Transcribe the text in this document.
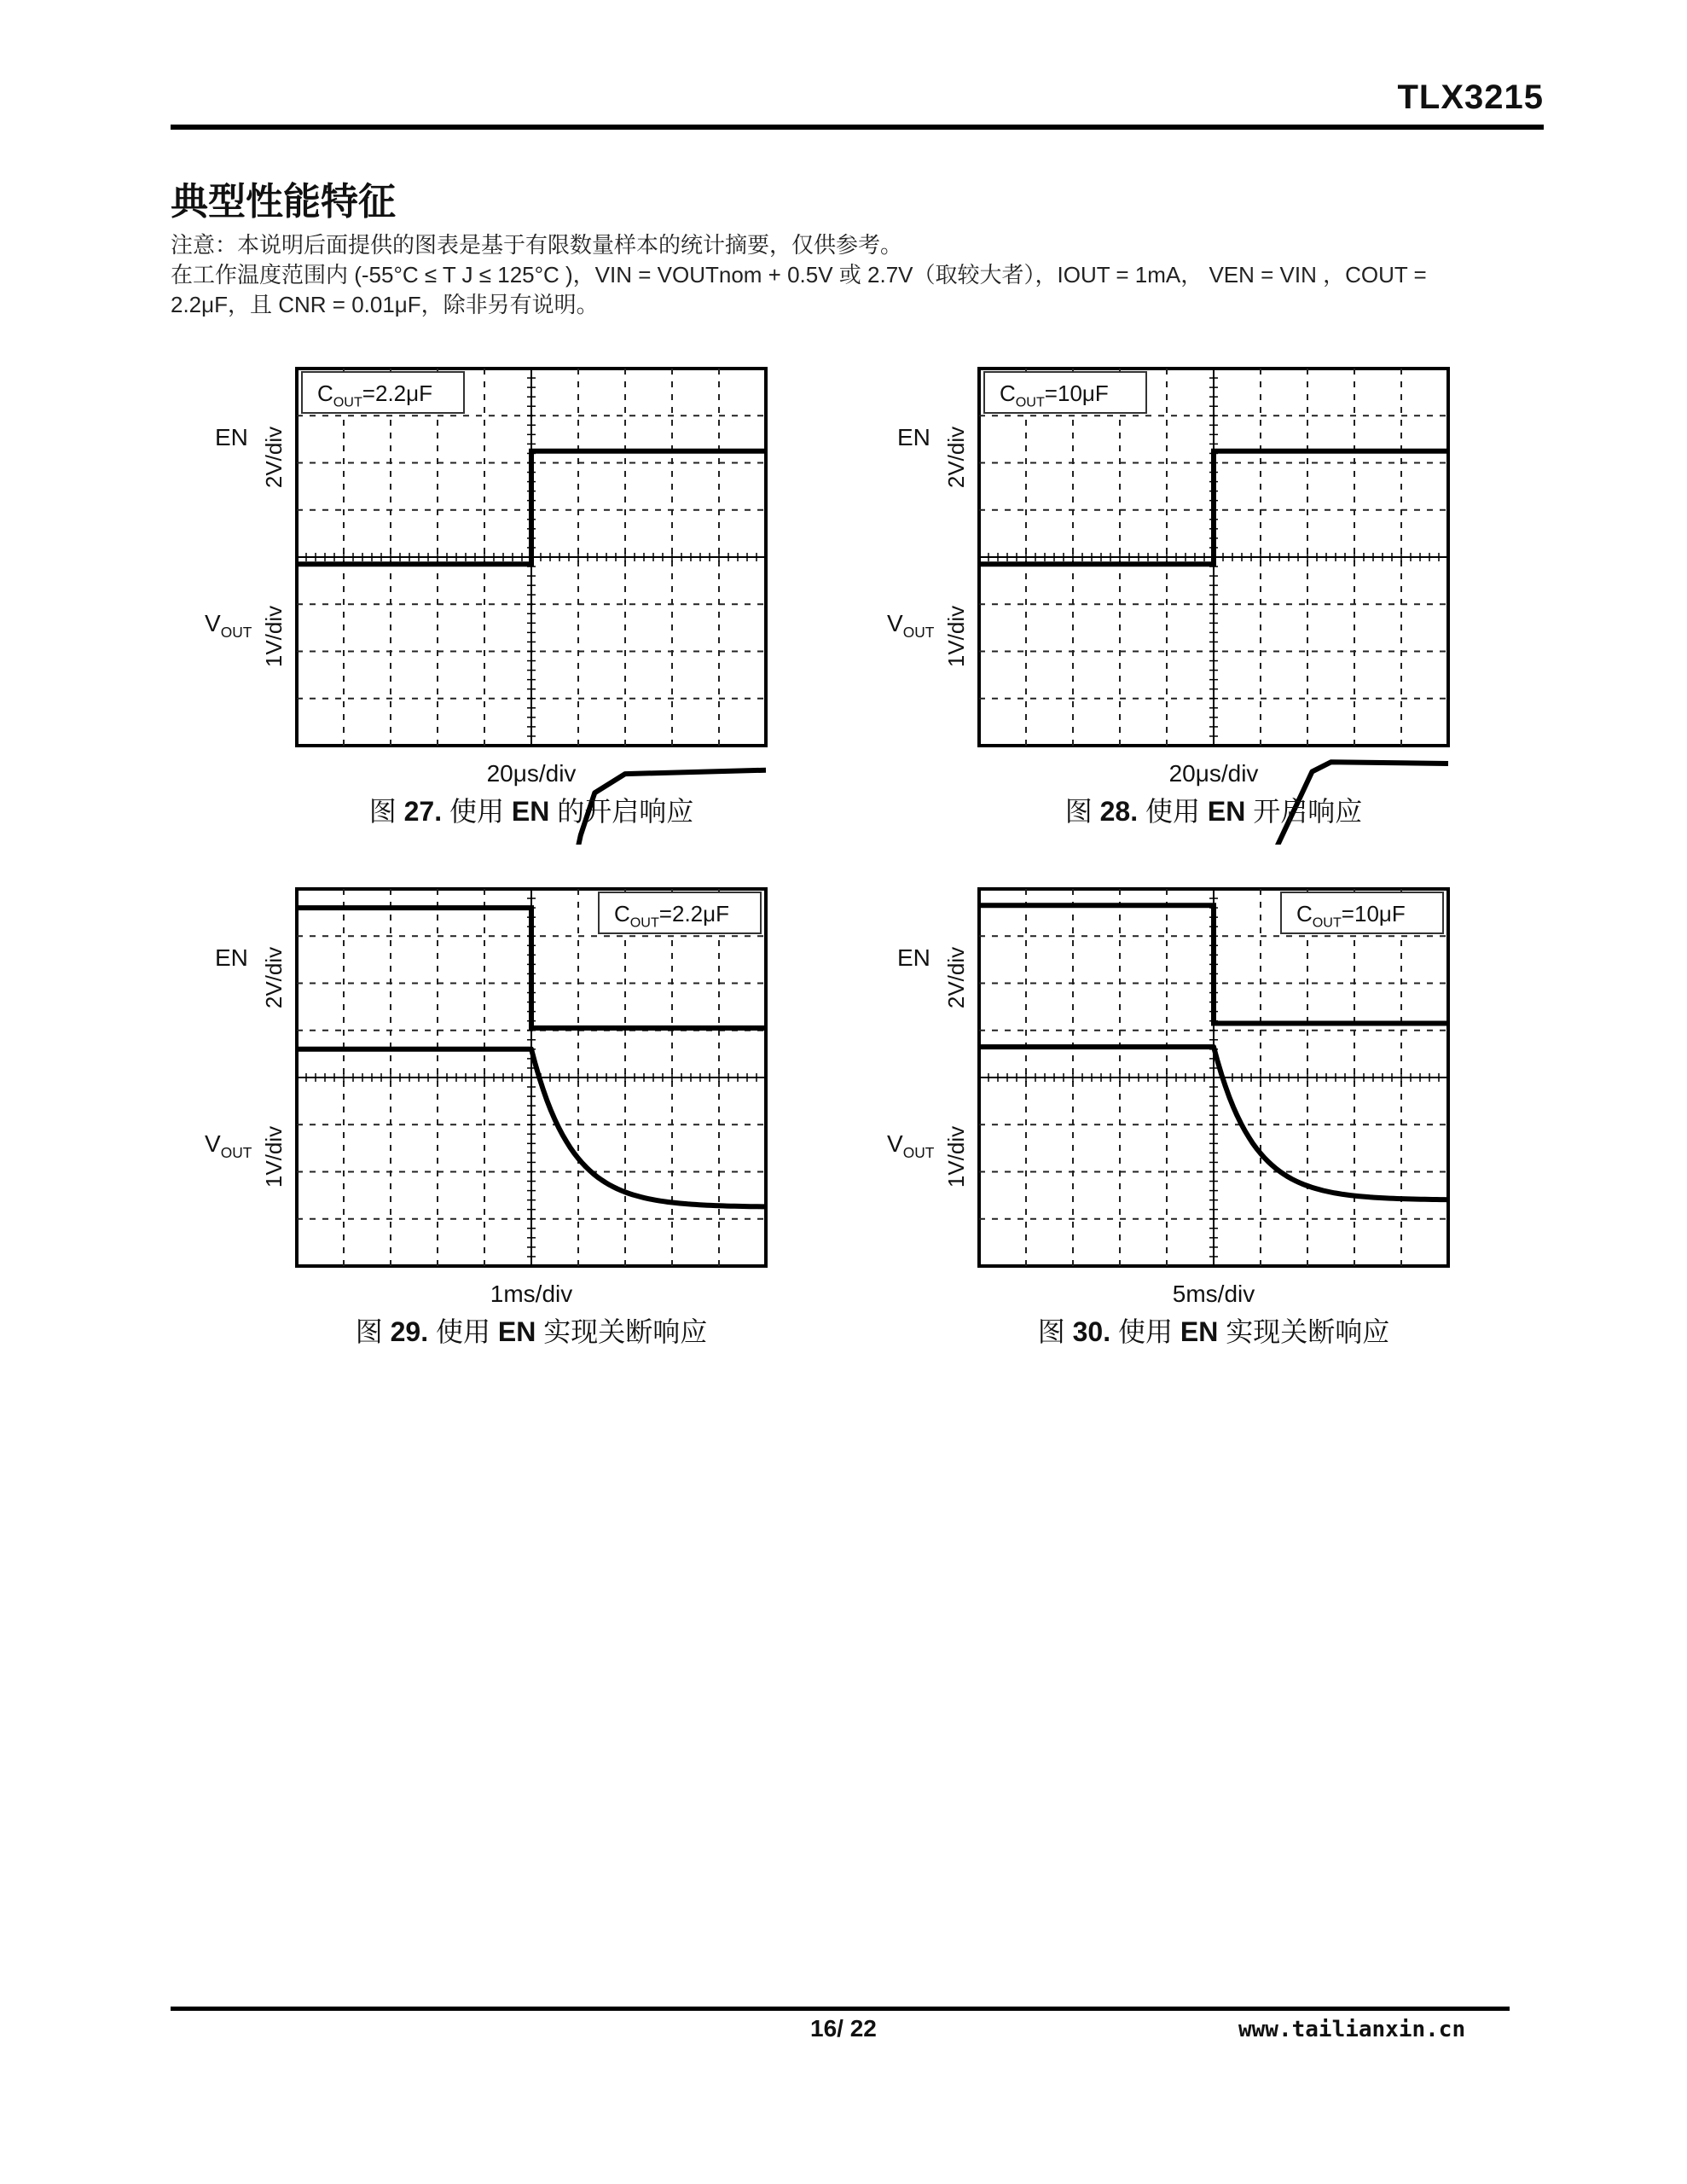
TLX3215
典型性能特征
注意：本说明后面提供的图表是基于有限数量样本的统计摘要，仅供参考。
在工作温度范围内 (-55°C ≤ T J ≤ 125°C )，VIN = VOUTnom + 0.5V 或 2.7V（取较大者），IOUT = 1mA， VEN = VIN ，COUT =
2.2μF，且 CNR = 0.01μF，除非另有说明。
$C_{OUT}=2.2\mu F$
EN
$V_{OUT}$
2V/div
1V/div
20μs/div
图 27. 使用 EN 的开启响应
$C_{OUT}=10\mu F$
EN
$V_{OUT}$
2V/div
1V/div
20μs/div
图 28. 使用 EN 开启响应
$C_{OUT}=2.2\mu F$
EN
$V_{OUT}$
2V/div
1V/div
1ms/div
图 29. 使用 EN 实现关断响应
$C_{OUT}=10\mu F$
EN
$V_{OUT}$
2V/div
1V/div
5ms/div
图 30. 使用 EN 实现关断响应
16/ 22	www.tailianxin.cn
